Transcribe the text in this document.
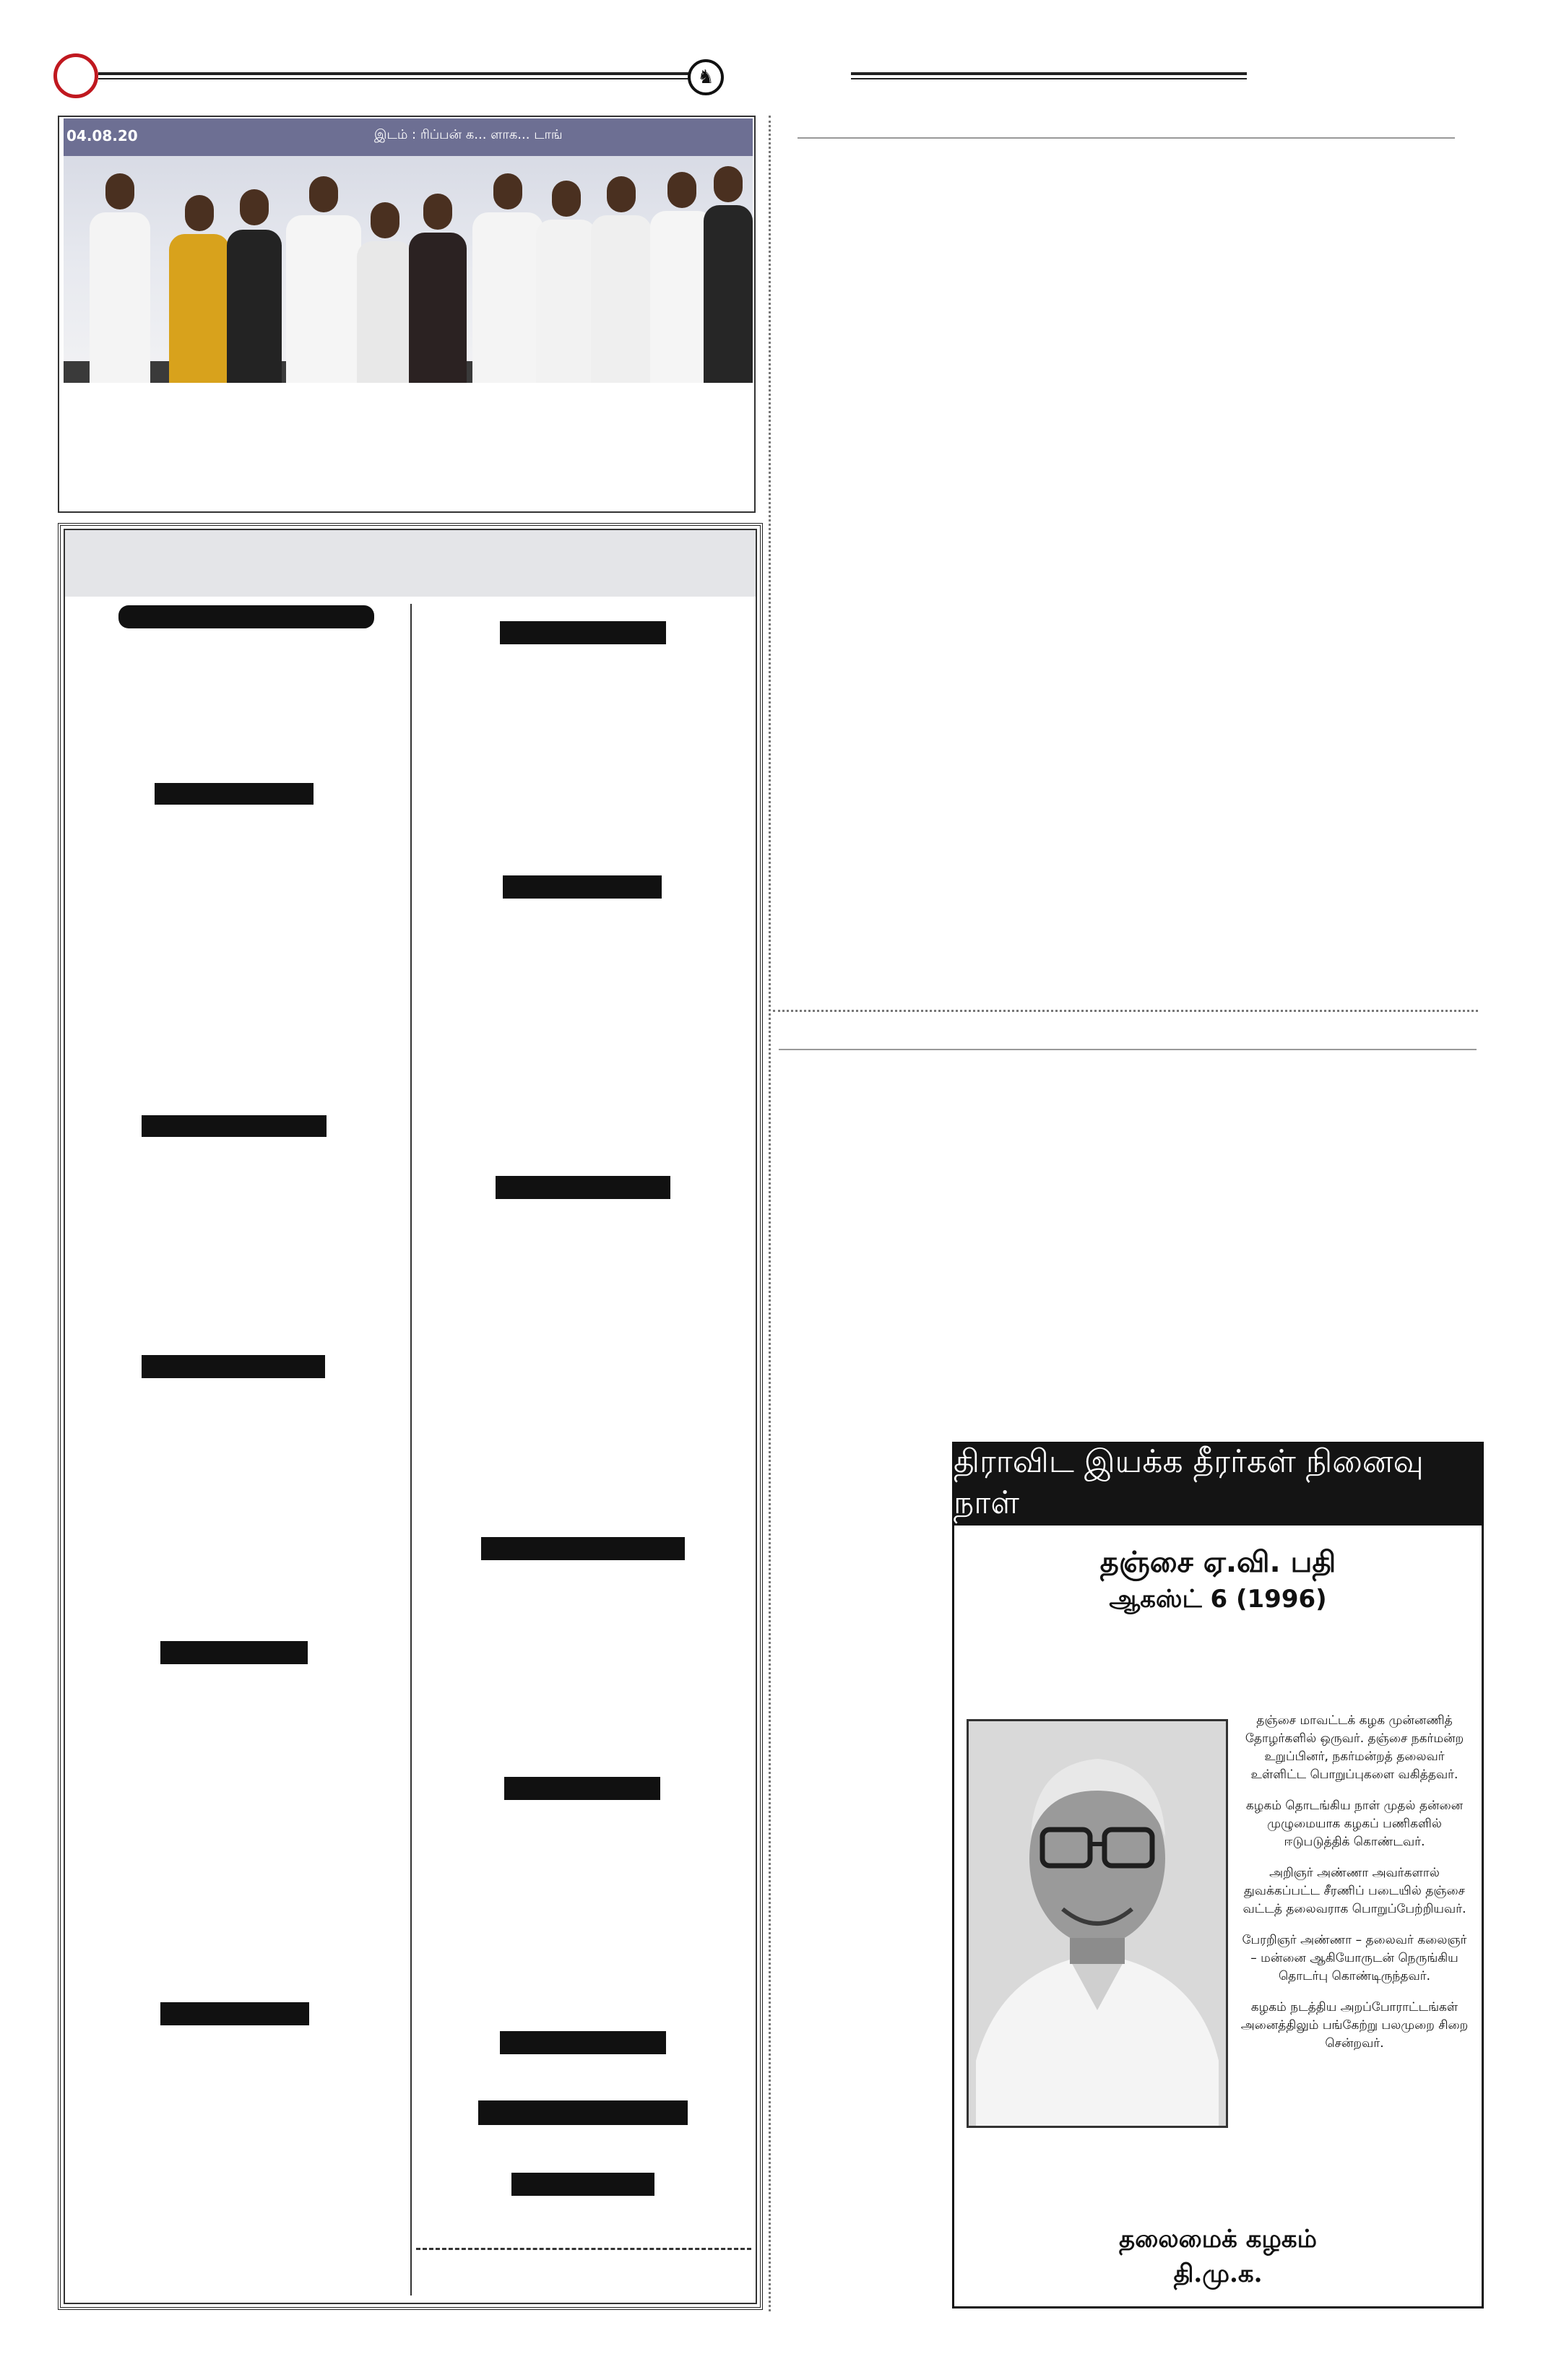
♞
04.08.20	இடம் : ரிப்பன் க... ளாக... டாங்
திராவிட இயக்க தீரர்கள் நினைவு நாள்
தஞ்சை ஏ.வி. பதி
ஆகஸ்ட் 6 (1996)

தஞ்சை மாவட்டக் கழக முன்னணித் தோழர்களில் ஒருவர். தஞ்சை நகர்மன்ற உறுப்பினர், நகர்மன்றத் தலைவர் உள்ளிட்ட பொறுப்புகளை வகித்தவர்.

கழகம் தொடங்கிய நாள் முதல் தன்னை முழுமையாக கழகப் பணிகளில் ஈடுபடுத்திக் கொண்டவர்.

அறிஞர் அண்ணா அவர்களால் துவக்கப்பட்ட சீரணிப் படையில் தஞ்சை வட்டத் தலைவராக பொறுப்பேற்றியவர்.

பேரறிஞர் அண்ணா – தலைவர் கலைஞர் – மன்னை ஆகியோருடன் நெருங்கிய தொடர்பு கொண்டிருந்தவர்.

கழகம் நடத்திய அறப்போராட்டங்கள் அனைத்திலும் பங்கேற்று பலமுறை சிறை சென்றவர்.

தலைமைக் கழகம்
தி.மு.க.
